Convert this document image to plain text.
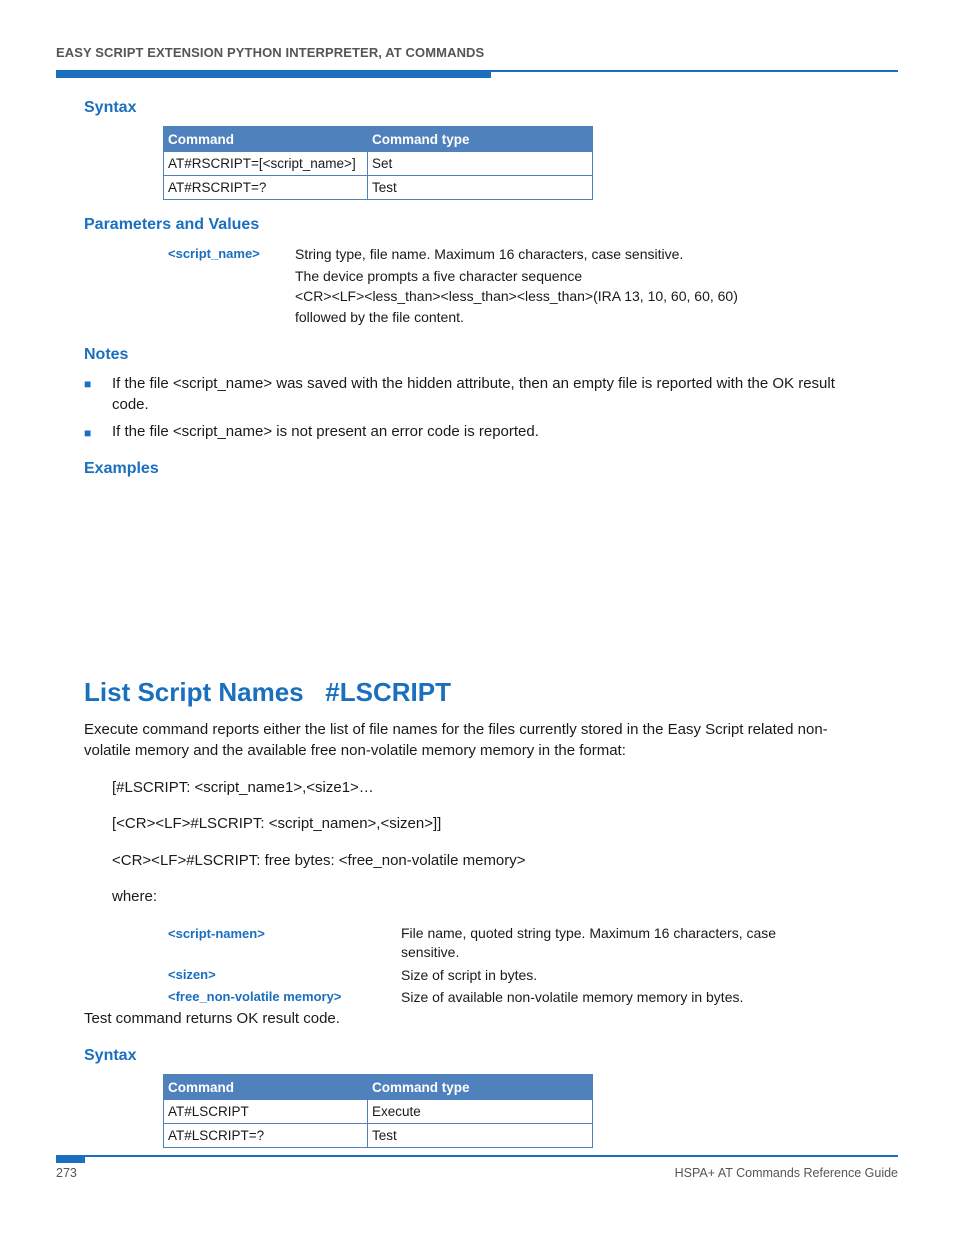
EASY SCRIPT EXTENSION PYTHON INTERPRETER, AT COMMANDS
Syntax
Command	Command type
AT#RSCRIPT=[<script_name>]	Set
AT#RSCRIPT=?	Test
Parameters and Values
<script_name>	String type, file name. Maximum 16 characters, case sensitive.
The device prompts a five character sequence
<CR><LF><less_than><less_than><less_than>(IRA 13, 10, 60, 60, 60)
followed by the file content.
Notes
■ If the file <script_name> was saved with the hidden attribute, then an empty file is reported with the OK result
code.
■ If the file <script_name> is not present an error code is reported.
Examples
List Script Names   #LSCRIPT
Execute command reports either the list of file names for the files currently stored in the Easy Script related non-
volatile memory and the available free non-volatile memory memory in the format:
[#LSCRIPT: <script_name1>,<size1>…
[<CR><LF>#LSCRIPT: <script_namen>,<sizen>]]
<CR><LF>#LSCRIPT: free bytes: <free_non-volatile memory>
where:
<script-namen>	File name, quoted string type. Maximum 16 characters, case
sensitive.
<sizen>	Size of script in bytes.
<free_non-volatile memory>	Size of available non-volatile memory memory in bytes.
Test command returns OK result code.
Syntax
Command	Command type
AT#LSCRIPT	Execute
AT#LSCRIPT=?	Test
273	HSPA+ AT Commands Reference Guide
